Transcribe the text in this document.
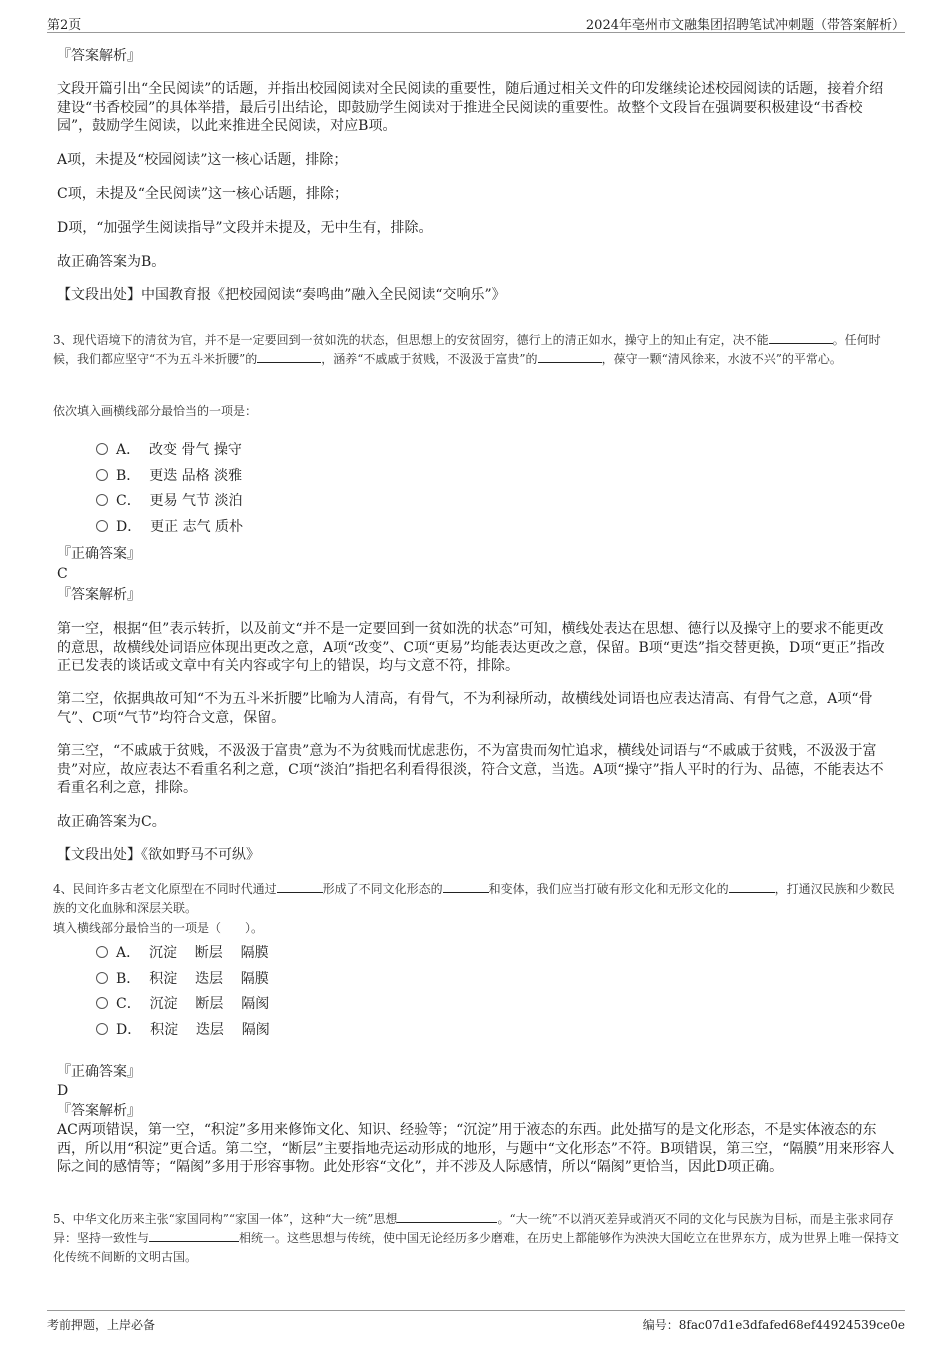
第2页	2024年亳州市文融集团招聘笔试冲刺题（带答案解析）
『答案解析』
文段开篇引出“全民阅读”的话题，并指出校园阅读对全民阅读的重要性，随后通过相关文件的印发继续论述校园阅读的话题，接着介绍建设“书香校园”的具体举措，最后引出结论，即鼓励学生阅读对于推进全民阅读的重要性。故整个文段旨在强调要积极建设“书香校园”，鼓励学生阅读，以此来推进全民阅读，对应B项。
A项，未提及“校园阅读”这一核心话题，排除；
C项，未提及“全民阅读”这一核心话题，排除；
D项，“加强学生阅读指导”文段并未提及，无中生有，排除。
故正确答案为B。
【文段出处】中国教育报《把校园阅读“奏鸣曲”融入全民阅读“交响乐”》
3、现代语境下的清贫为官，并不是一定要回到一贫如洗的状态，但思想上的安贫固穷，德行上的清正如水，操守上的知止有定，决不能	。任何时候，我们都应坚守“不为五斗米折腰”的	，涵养“不戚戚于贫贱，不汲汲于富贵”的	，葆守一颗“清风徐来，水波不兴”的平常心。
依次填入画横线部分最恰当的一项是：
A．  改变 骨气 操守
B．  更迭 品格 淡雅
C．  更易 气节 淡泊
D．  更正 志气 质朴
『正确答案』
C
『答案解析』
第一空，根据“但”表示转折，以及前文“并不是一定要回到一贫如洗的状态”可知，横线处表达在思想、德行以及操守上的要求不能更改的意思，故横线处词语应体现出更改之意，A项“改变”、C项“更易”均能表达更改之意，保留。B项“更迭”指交替更换，D项“更正”指改正已发表的谈话或文章中有关内容或字句上的错误，均与文意不符，排除。
第二空，依据典故可知“不为五斗米折腰”比喻为人清高，有骨气，不为利禄所动，故横线处词语也应表达清高、有骨气之意，A项“骨气”、C项“气节”均符合文意，保留。
第三空，“不戚戚于贫贱，不汲汲于富贵”意为不为贫贱而忧虑悲伤，不为富贵而匆忙追求，横线处词语与“不戚戚于贫贱，不汲汲于富贵”对应，故应表达不看重名利之意，C项“淡泊”指把名利看得很淡，符合文意，当选。A项“操守”指人平时的行为、品德，不能表达不看重名利之意，排除。
故正确答案为C。
【文段出处】《欲如野马不可纵》
4、民间许多古老文化原型在不同时代通过	形成了不同文化形态的	和变体，我们应当打破有形文化和无形文化的	，打通汉民族和少数民族的文化血脉和深层关联。
填入横线部分最恰当的一项是（　　）。
A．  沉淀    断层    隔膜
B．  积淀    迭层    隔膜
C．  沉淀    断层    隔阂
D．  积淀    迭层    隔阂
『正确答案』
D
『答案解析』
AC两项错误，第一空，“积淀”多用来修饰文化、知识、经验等；“沉淀”用于液态的东西。此处描写的是文化形态，不是实体液态的东西，所以用“积淀”更合适。第二空，“断层”主要指地壳运动形成的地形，与题中“文化形态”不符。B项错误，第三空，“隔膜”用来形容人际之间的感情等；“隔阂”多用于形容事物。此处形容“文化”，并不涉及人际感情，所以“隔阂”更恰当，因此D项正确。
5、中华文化历来主张“家国同构”“家国一体”，这种“大一统”思想	。“大一统”不以消灭差异或消灭不同的文化与民族为目标，而是主张求同存异：坚持一致性与	相统一。这些思想与传统，使中国无论经历多少磨难，在历史上都能够作为泱泱大国屹立在世界东方，成为世界上唯一保持文化传统不间断的文明古国。
考前押题，上岸必备	编号：8fac07d1e3dfafed68ef44924539ce0e
